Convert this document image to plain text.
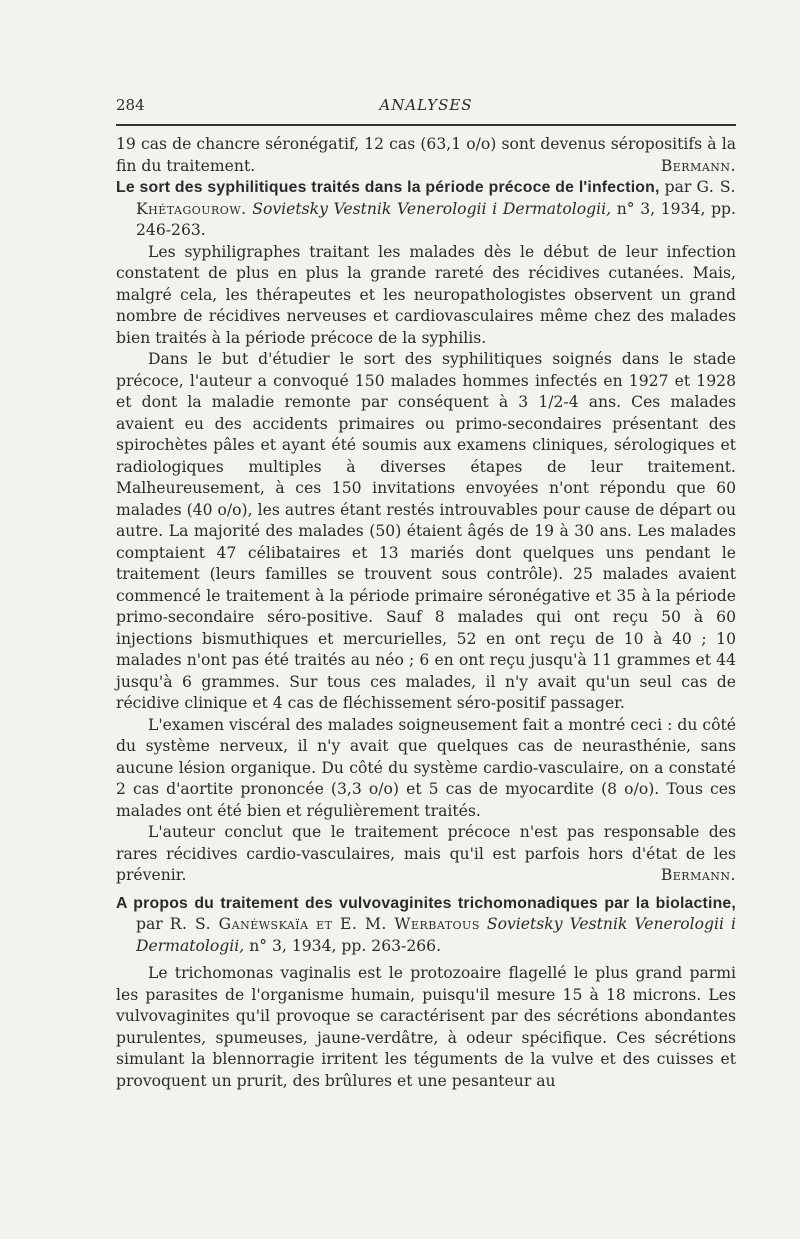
284	ANALYSES

19 cas de chancre séronégatif, 12 cas (63,1 o/o) sont devenus séropositifs à la fin du traitement.	Bermann.

Le sort des syphilitiques traités dans la période précoce de l'infection, par G. S. Khétagourow. Sovietsky Vestnik Venerologii i Dermatologii, n° 3, 1934, pp. 246-263.

Les syphiligraphes traitant les malades dès le début de leur infection constatent de plus en plus la grande rareté des récidives cutanées. Mais, malgré cela, les thérapeutes et les neuropathologistes observent un grand nombre de récidives nerveuses et cardiovasculaires même chez des malades bien traités à la période précoce de la syphilis.

Dans le but d'étudier le sort des syphilitiques soignés dans le stade précoce, l'auteur a convoqué 150 malades hommes infectés en 1927 et 1928 et dont la maladie remonte par conséquent à 3 1/2-4 ans. Ces malades avaient eu des accidents primaires ou primo-secondaires présentant des spirochètes pâles et ayant été soumis aux examens cliniques, sérologiques et radiologiques multiples à diverses étapes de leur traitement. Malheureusement, à ces 150 invitations envoyées n'ont répondu que 60 malades (40 o/o), les autres étant restés introuvables pour cause de départ ou autre. La majorité des malades (50) étaient âgés de 19 à 30 ans. Les malades comptaient 47 célibataires et 13 mariés dont quelques uns pendant le traitement (leurs familles se trouvent sous contrôle). 25 malades avaient commencé le traitement à la période primaire séronégative et 35 à la période primo-secondaire séro-positive. Sauf 8 malades qui ont reçu 50 à 60 injections bismuthiques et mercurielles, 52 en ont reçu de 10 à 40 ; 10 malades n'ont pas été traités au néo ; 6 en ont reçu jusqu'à 11 grammes et 44 jusqu'à 6 grammes. Sur tous ces malades, il n'y avait qu'un seul cas de récidive clinique et 4 cas de fléchissement séro-positif passager.

L'examen viscéral des malades soigneusement fait a montré ceci : du côté du système nerveux, il n'y avait que quelques cas de neurasthénie, sans aucune lésion organique. Du côté du système cardio-vasculaire, on a constaté 2 cas d'aortite prononcée (3,3 o/o) et 5 cas de myocardite (8 o/o). Tous ces malades ont été bien et régulièrement traités.

L'auteur conclut que le traitement précoce n'est pas responsable des rares récidives cardio-vasculaires, mais qu'il est parfois hors d'état de les prévenir.	Bermann.

A propos du traitement des vulvovaginites trichomonadiques par la biolactine, par R. S. Ganéwskaïa et E. M. Werbatous Sovietsky Vestnik Venerologii i Dermatologii, n° 3, 1934, pp. 263-266.

Le trichomonas vaginalis est le protozoaire flagellé le plus grand parmi les parasites de l'organisme humain, puisqu'il mesure 15 à 18 microns. Les vulvovaginites qu'il provoque se caractérisent par des sécrétions abondantes purulentes, spumeuses, jaune-verdâtre, à odeur spécifique. Ces sécrétions simulant la blennorragie irritent les téguments de la vulve et des cuisses et provoquent un prurit, des brûlures et une pesanteur au
